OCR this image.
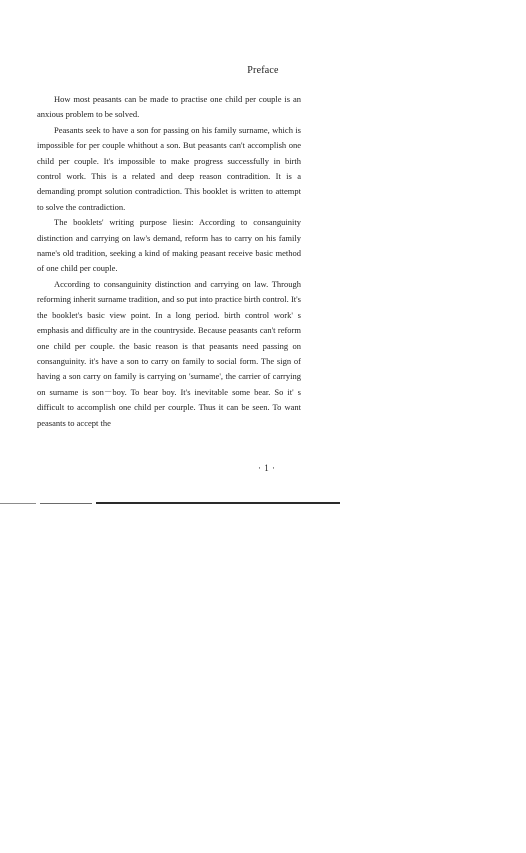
Preface

How most peasants can be made to practise one child per couple is an anxious problem to be solved.

Peasants seek to have a son for passing on his family surname, which is impossible for per couple whithout a son. But peasants can't accomplish one child per couple. It's impossible to make progress successfully in birth control work. This is a related and deep reason contradition. It is a demanding prompt solution contradiction. This booklet is written to attempt to solve the contradiction.

The booklets' writing purpose liesin: According to consanguinity distinction and carrying on law's demand, reform has to carry on his family name's old tradition, seeking a kind of making peasant receive basic method of one child per couple.

According to consanguinity distinction and carrying on law. Through reforming inherit surname tradition, and so put into practice birth control. It's the booklet's basic view point. In a long period. birth control work' s emphasis and difficulty are in the countryside. Because peasants can't reform one child per couple. the basic reason is that peasants need passing on consanguinity. it's have a son to carry on family to social form. The sign of having a son carry on family is carrying on 'surname', the carrier of carrying on surname is son－boy. To bear boy. It's inevitable some bear. So it' s difficult to accomplish one child per courple. Thus it can be seen. To want peasants to accept the

· 1 ·
